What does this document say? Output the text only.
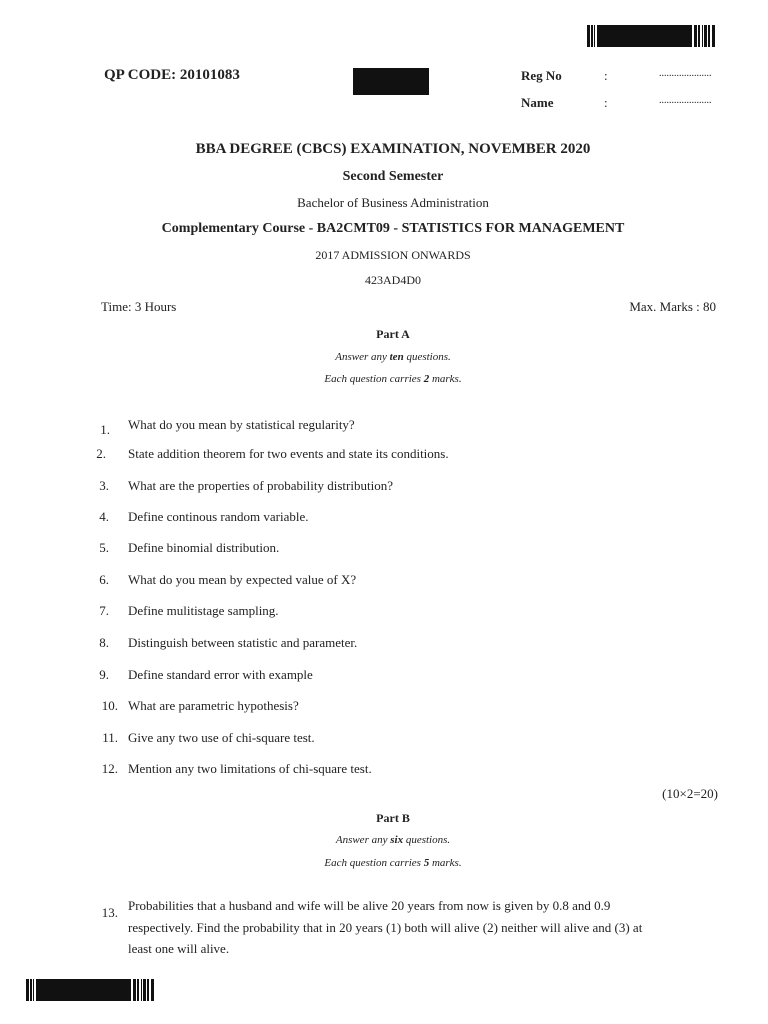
QP CODE: 20101083	Reg No	:	.....................
Name	:	.....................
BBA DEGREE (CBCS) EXAMINATION, NOVEMBER 2020
Second Semester
Bachelor of Business Administration
Complementary Course - BA2CMT09 - STATISTICS FOR MANAGEMENT
2017 ADMISSION ONWARDS
423AD4D0
Time: 3 Hours	Max. Marks : 80
Part A
Answer any ten questions.
Each question carries 2 marks.
1. What do you mean by statistical regularity?
2. State addition theorem for two events and state its conditions.
3. What are the properties of probability distribution?
4. Define continous random variable.
5. Define binomial distribution.
6. What do you mean by expected value of X?
7. Define mulitistage sampling.
8. Distinguish between statistic and parameter.
9. Define standard error with example
10. What are parametric hypothesis?
11. Give any two use of chi-square test.
12. Mention any two limitations of chi-square test.
(10×2=20)
Part B
Answer any six questions.
Each question carries 5 marks.
13. Probabilities that a husband and wife will be alive 20 years from now is given by 0.8 and 0.9
respectively. Find the probability that in 20 years (1) both will alive (2) neither will alive and (3) at
least one will alive.
